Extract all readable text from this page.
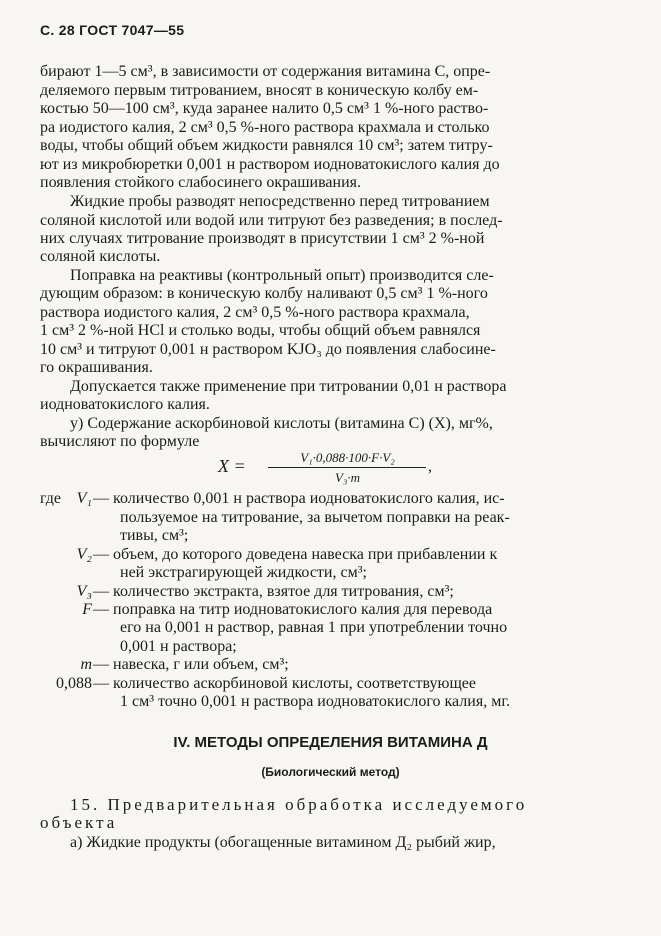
С. 28 ГОСТ 7047—55
бирают 1—5 см³, в зависимости от содержания витамина С, опре-
деляемого первым титрованием, вносят в коническую колбу ем-
костью 50—100 см³, куда заранее налито 0,5 см³ 1 %-ного раство-
ра иодистого калия, 2 см³ 0,5 %-ного раствора крахмала и столько
воды, чтобы общий объем жидкости равнялся 10 см³; затем титру-
ют из микробюретки 0,001 н раствором иодноватокислого калия до
появления стойкого слабосинего окрашивания.
Жидкие пробы разводят непосредственно перед титрованием
соляной кислотой или водой или титруют без разведения; в послед-
них случаях титрование производят в присутствии 1 см³ 2 %-ной
соляной кислоты.
Поправка на реактивы (контрольный опыт) производится сле-
дующим образом: в коническую колбу наливают 0,5 см³ 1 %-ного
раствора иодистого калия, 2 см³ 0,5 %-ного раствора крахмала,
1 см³ 2 %-ной HCl и столько воды, чтобы общий объем равнялся
10 см³ и титруют 0,001 н раствором KJO₃ до появления слабосине-
го окрашивания.
Допускается также применение при титровании 0,01 н раствора
иодноватокислого калия.
у) Содержание аскорбиновой кислоты (витамина С) (X), мг%,
вычисляют по формуле
X =	V₁·0,088·100·F·V₂
V₃·m
,
где V₁ — количество 0,001 н раствора иодноватокислого калия, ис-
пользуемое на титрование, за вычетом поправки на реак-
тивы, см³;
V₂ — объем, до которого доведена навеска при прибавлении к
ней экстрагирующей жидкости, см³;
V₃ — количество экстракта, взятое для титрования, см³;
F — поправка на титр иодноватокислого калия для перевода
его на 0,001 н раствор, равная 1 при употреблении точно
0,001 н раствора;
m — навеска, г или объем, см³;
0,088 — количество аскорбиновой кислоты, соответствующее
1 см³ точно 0,001 н раствора иодноватокислого калия, мг.
IV. МЕТОДЫ ОПРЕДЕЛЕНИЯ ВИТАМИНА Д
(Биологический метод)
15. Предварительная обработка исследуемого
объекта
а) Жидкие продукты (обогащенные витамином Д₂ рыбий жир,
